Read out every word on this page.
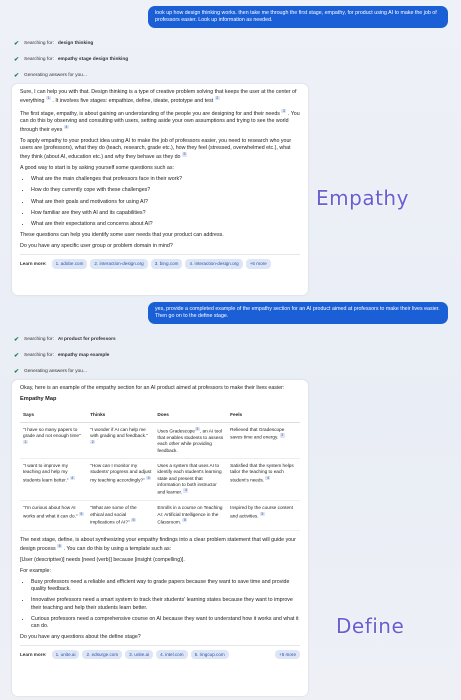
look up how design thinking works. then take me through the first stage, empathy, for product using AI to make the job of professors easier. Look up information as needed.
✔ Searching for: design thinking
✔ Searching for: empathy stage design thinking
✔ Generating answers for you...

Sure, I can help you with that. Design thinking is a type of creative problem solving that keeps the user at the center of everything $^1$ . It involves five stages: empathize, define, ideate, prototype and test $^2$

The first stage, empathy, is about gaining an understanding of the people you are designing for and their needs $^3$ . You can do this by observing and consulting with users, setting aside your own assumptions and trying to see the world through their eyes $^4$

To apply empathy to your product idea using AI to make the job of professors easier, you need to research who your users are (professors), what they do (teach, research, grade etc.), how they feel (stressed, overwhelmed etc.), what they think (about AI, education etc.) and why they behave as they do $^5$

A good way to start is by asking yourself some questions such as:

• What are the main challenges that professors face in their work?
• How do they currently cope with these challenges?
• What are their goals and motivations for using AI?
• How familiar are they with AI and its capabilities?
• What are their expectations and concerns about AI?

These questions can help you identify some user needs that your product can address.

Do you have any specific user group or problem domain in mind?

Learn more:	1. adobe.com	2. interaction-design.org	3. bing.com	4. interaction-design.org	+6 more
Empathy
yes, provide a completed example of the empathy section for an AI product aimed at professors to make their lives easier. Then go on to the define stage.
✔ Searching for: AI product for professors
✔ Searching for: empathy map example
✔ Generating answers for you...

Okay, here is an example of the empathy section for an AI product aimed at professors to make their lives easier:

Empathy Map
Says	Thinks	Does	Feels
"I have so many papers to grade and not enough time" $^1$	"I wonder if AI can help me with grading and feedback." $^2$	Uses Gradescope $^3$ , an AI tool that enables students to assess each other while providing feedback.	Relieved that Gradescope saves time and energy. $^3$
"I want to improve my teaching and help my students learn better." $^4$	"How can I monitor my students' progress and adjust my teaching accordingly?" $^4$	Uses a system that uses AI to identify each student's learning state and present that information to both instructor and learner. $^4$	Satisfied that the system helps tailor the teaching to each student's needs. $^4$
"I'm curious about how AI works and what it can do." $^5$	"What are some of the ethical and social implications of AI?" $^5$	Enrolls in a course on Teaching AI: Artificial Intelligence in the Classroom. $^5$	Inspired by the course content and activities. $^5$

The next stage, define, is about synthesizing your empathy findings into a clear problem statement that will guide your design process $^6$ . You can do this by using a template such as:

[User (descriptive)] needs [need (verb)] because [insight (compelling)].

For example:

• Busy professors need a reliable and efficient way to grade papers because they want to save time and provide quality feedback.
• Innovative professors need a smart system to track their students' learning states because they want to improve their teaching and help their students learn better.
• Curious professors need a comprehensive course on AI because they want to understand how it works and what it can do.

Do you have any questions about the define stage?

Learn more:	1. unite.ai	2. edsurge.com	3. unite.ai	4. intel.com	5. ringcup.com	+5 more
Define
